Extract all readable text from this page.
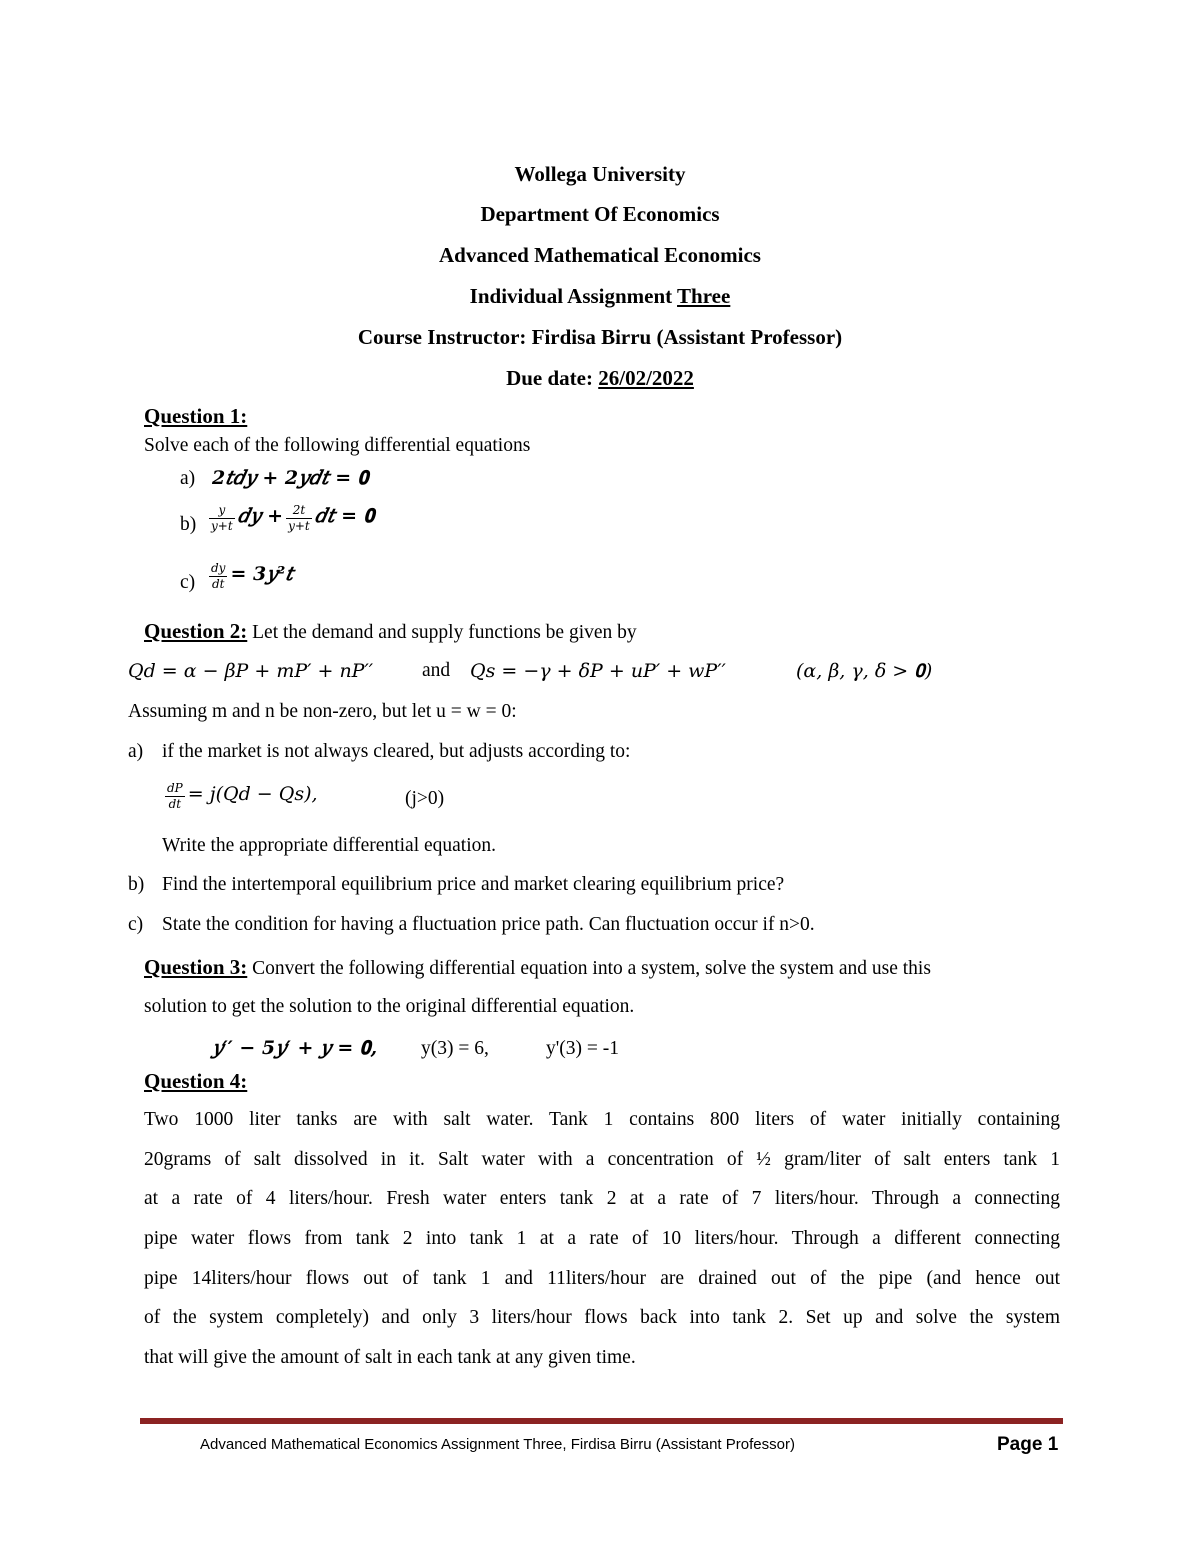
Wollega University
Department Of Economics
Advanced Mathematical Economics
Individual Assignment Three
Course Instructor: Firdisa Birru (Assistant Professor)
Due date: 26/02/2022
Question 1:
Solve each of the following differential equations
a) 2𝑡𝑑𝑦 + 2𝑦𝑑𝑡 = 𝟎
$b) \frac{\text{𝑦}}{\text{𝑦+𝑡}}$ 𝑑𝑦 + $\frac{\text{2𝑡}}{\text{𝑦+𝑡}}$ 𝑑𝑡 = 𝟎
$c) \frac{\text{𝑑𝑦}}{\text{𝑑𝑡}}$ = 3𝑦²𝑡
Question 2: Let the demand and supply functions be given by
𝑄𝑑 = 𝛼 − 𝛽𝑃 + 𝑚𝑃′ + 𝑛𝑃′′	and 𝑄𝑠 = −𝛾 + 𝛿𝑃 + 𝑢𝑃′ + 𝑤𝑃′′	(𝛼, 𝛽, 𝛾, 𝛿 > 𝟎)
Assuming m and n be non-zero, but let u = w = 0:
a) if the market is not always cleared, but adjusts according to:
$\frac{\text{𝑑𝑃}}{\text{𝑑𝑡}}$ = 𝑗(𝑄𝑑 − 𝑄𝑠),	(j>0)
Write the appropriate differential equation.
b) Find the intertemporal equilibrium price and market clearing equilibrium price?
c) State the condition for having a fluctuation price path. Can fluctuation occur if n>0.
Question 3: Convert the following differential equation into a system, solve the system and use this
solution to get the solution to the original differential equation.
𝑦′′ − 5𝑦′ + 𝑦 = 𝟎, y(3) = 6,	y'(3) = -1
Question 4:
Two 1000 liter tanks are with salt water. Tank 1 contains 800 liters of water initially containing
20grams of salt dissolved in it. Salt water with a concentration of ½ gram/liter of salt enters tank 1
at a rate of 4 liters/hour. Fresh water enters tank 2 at a rate of 7 liters/hour. Through a connecting
pipe water flows from tank 2 into tank 1 at a rate of 10 liters/hour. Through a different connecting
pipe 14liters/hour flows out of tank 1 and 11liters/hour are drained out of the pipe (and hence out
of the system completely) and only 3 liters/hour flows back into tank 2. Set up and solve the system
that will give the amount of salt in each tank at any given time.
Advanced Mathematical Economics Assignment Three, Firdisa Birru (Assistant Professor)	Page 1
